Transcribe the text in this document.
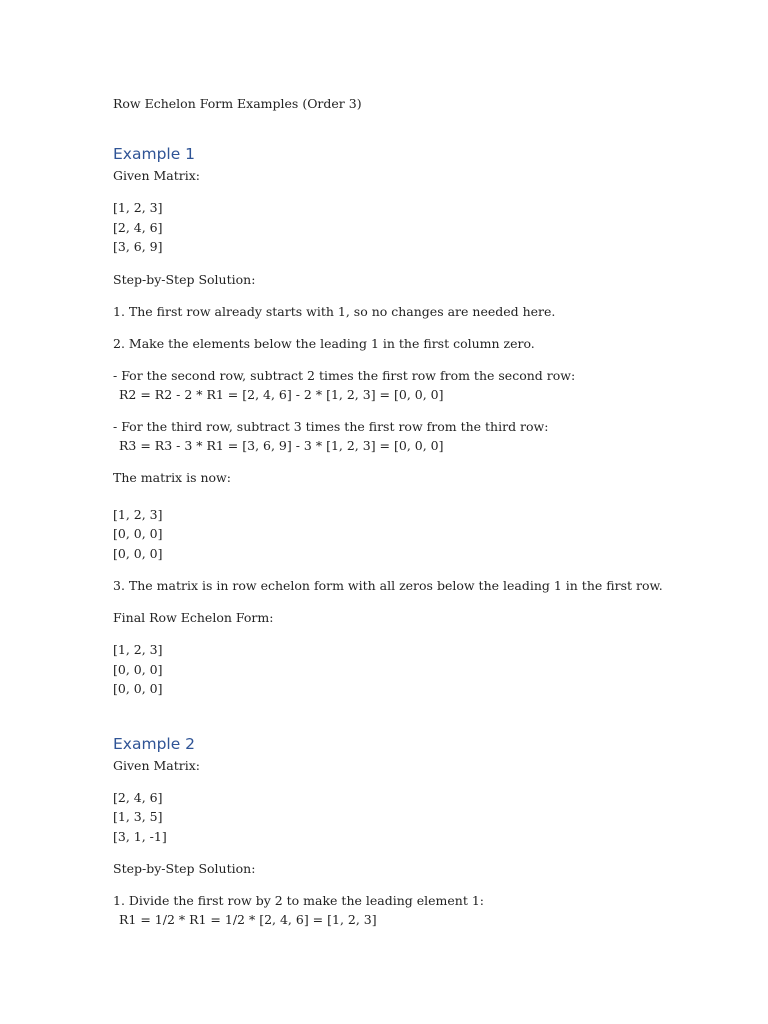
Row Echelon Form Examples (Order 3)

Example 1

Given Matrix:

[1, 2, 3]

[2, 4, 6]

[3, 6, 9]

Step-by-Step Solution:

1. The first row already starts with 1, so no changes are needed here.

2. Make the elements below the leading 1 in the first column zero.

- For the second row, subtract 2 times the first row from the second row:

R2 = R2 - 2 * R1 = [2, 4, 6] - 2 * [1, 2, 3] = [0, 0, 0]

- For the third row, subtract 3 times the first row from the third row:

R3 = R3 - 3 * R1 = [3, 6, 9] - 3 * [1, 2, 3] = [0, 0, 0]

The matrix is now:

[1, 2, 3]

[0, 0, 0]

[0, 0, 0]

3. The matrix is in row echelon form with all zeros below the leading 1 in the first row.

Final Row Echelon Form:

[1, 2, 3]

[0, 0, 0]

[0, 0, 0]

Example 2

Given Matrix:

[2, 4, 6]

[1, 3, 5]

[3, 1, -1]

Step-by-Step Solution:

1. Divide the first row by 2 to make the leading element 1:

R1 = 1/2 * R1 = 1/2 * [2, 4, 6] = [1, 2, 3]
